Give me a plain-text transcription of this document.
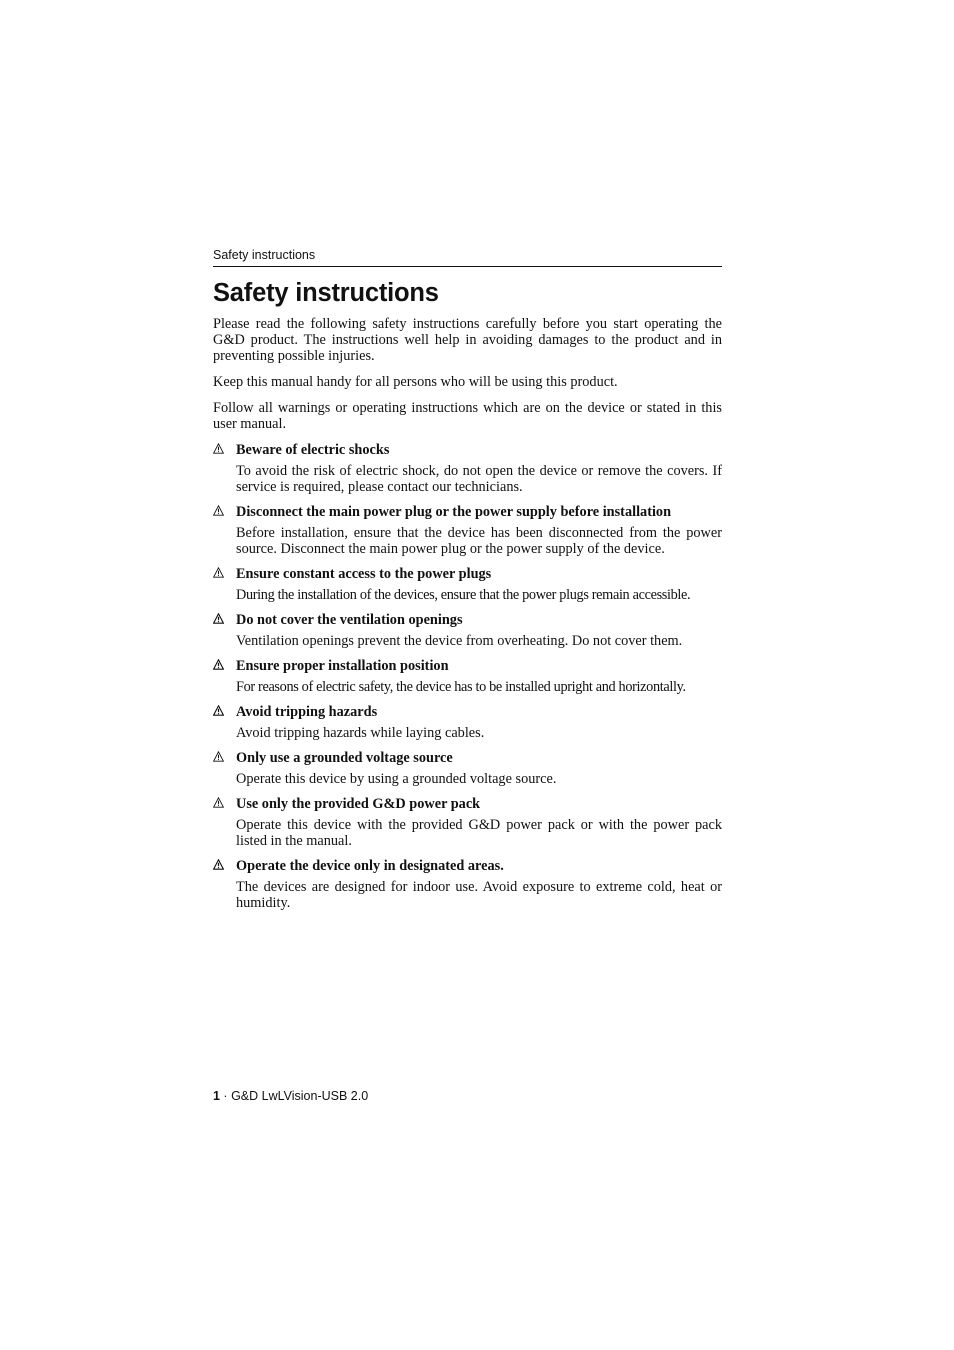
Safety instructions
Safety instructions

Please read the following safety instructions carefully before you start operating the G&D product. The instructions well help in avoiding damages to the product and in preventing possible injuries.

Keep this manual handy for all persons who will be using this product.

Follow all warnings or operating instructions which are on the device or stated in this user manual.

Beware of electric shocks

To avoid the risk of electric shock, do not open the device or remove the covers. If service is required, please contact our technicians.

Disconnect the main power plug or the power supply before installation

Before installation, ensure that the device has been disconnected from the power source. Disconnect the main power plug or the power supply of the device.

Ensure constant access to the power plugs

During the installation of the devices, ensure that the power plugs remain accessible.

Do not cover the ventilation openings

Ventilation openings prevent the device from overheating. Do not cover them.

Ensure proper installation position

For reasons of electric safety, the device has to be installed upright and horizontally.

Avoid tripping hazards

Avoid tripping hazards while laying cables.

Only use a grounded voltage source

Operate this device by using a grounded voltage source.

Use only the provided G&D power pack

Operate this device with the provided G&D power pack or with the power pack listed in the manual.

Operate the device only in designated areas.

The devices are designed for indoor use. Avoid exposure to extreme cold, heat or humidity.

1 · G&D LwLVision-USB 2.0
